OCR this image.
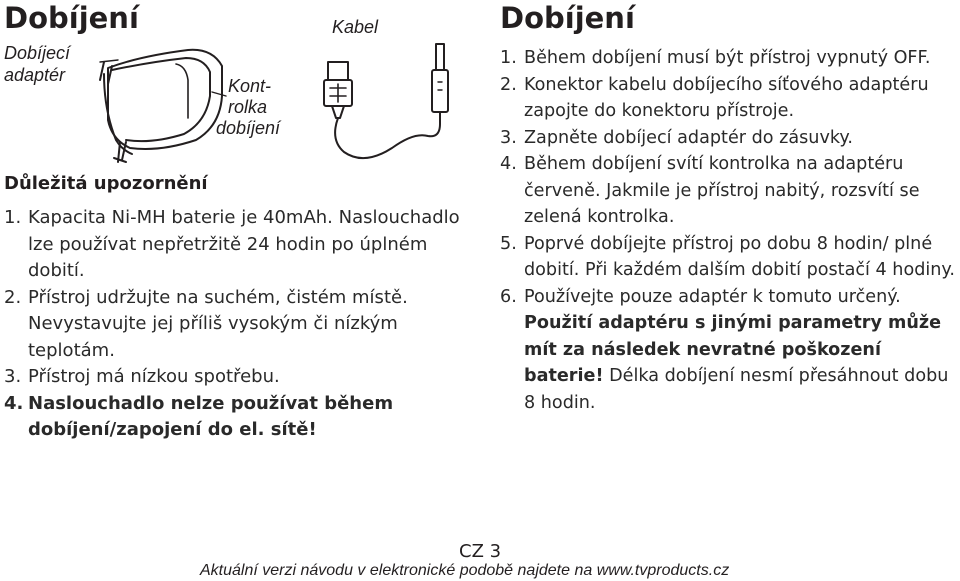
Dobíjení
Dobíjecí
adaptér
Kabel
Kont-
rolka
dobíjení
Důležitá upozornění
1. Kapacita Ni-MH baterie je 40mAh. Naslouchadlo lze používat nepřetržitě 24 hodin po úplném dobití.
2. Přístroj udržujte na suchém, čistém místě. Nevystavujte jej příliš vysokým či nízkým teplotám.
3. Přístroj má nízkou spotřebu.
4. Naslouchadlo nelze používat během dobíjení/zapojení do el. sítě!
Dobíjení
1. Během dobíjení musí být přístroj vypnutý OFF.
2. Konektor kabelu dobíjecího síťového adaptéru zapojte do konektoru přístroje.
3. Zapněte dobíjecí adaptér do zásuvky.
4. Během dobíjení svítí kontrolka na adaptéru červeně. Jakmile je přístroj nabitý, rozsvítí se zelená kontrolka.
5. Poprvé dobíjejte přístroj po dobu 8 hodin/ plné dobití. Při každém dalším dobití postačí 4 hodiny.
6. Používejte pouze adaptér k tomuto určený.
Použití adaptéru s jinými parametry může mít za následek nevratné poškození baterie! Délka dobíjení nesmí přesáhnout dobu 8 hodin.
CZ 3
Aktuální verzi návodu v elektronické podobě najdete na www.tvproducts.cz
